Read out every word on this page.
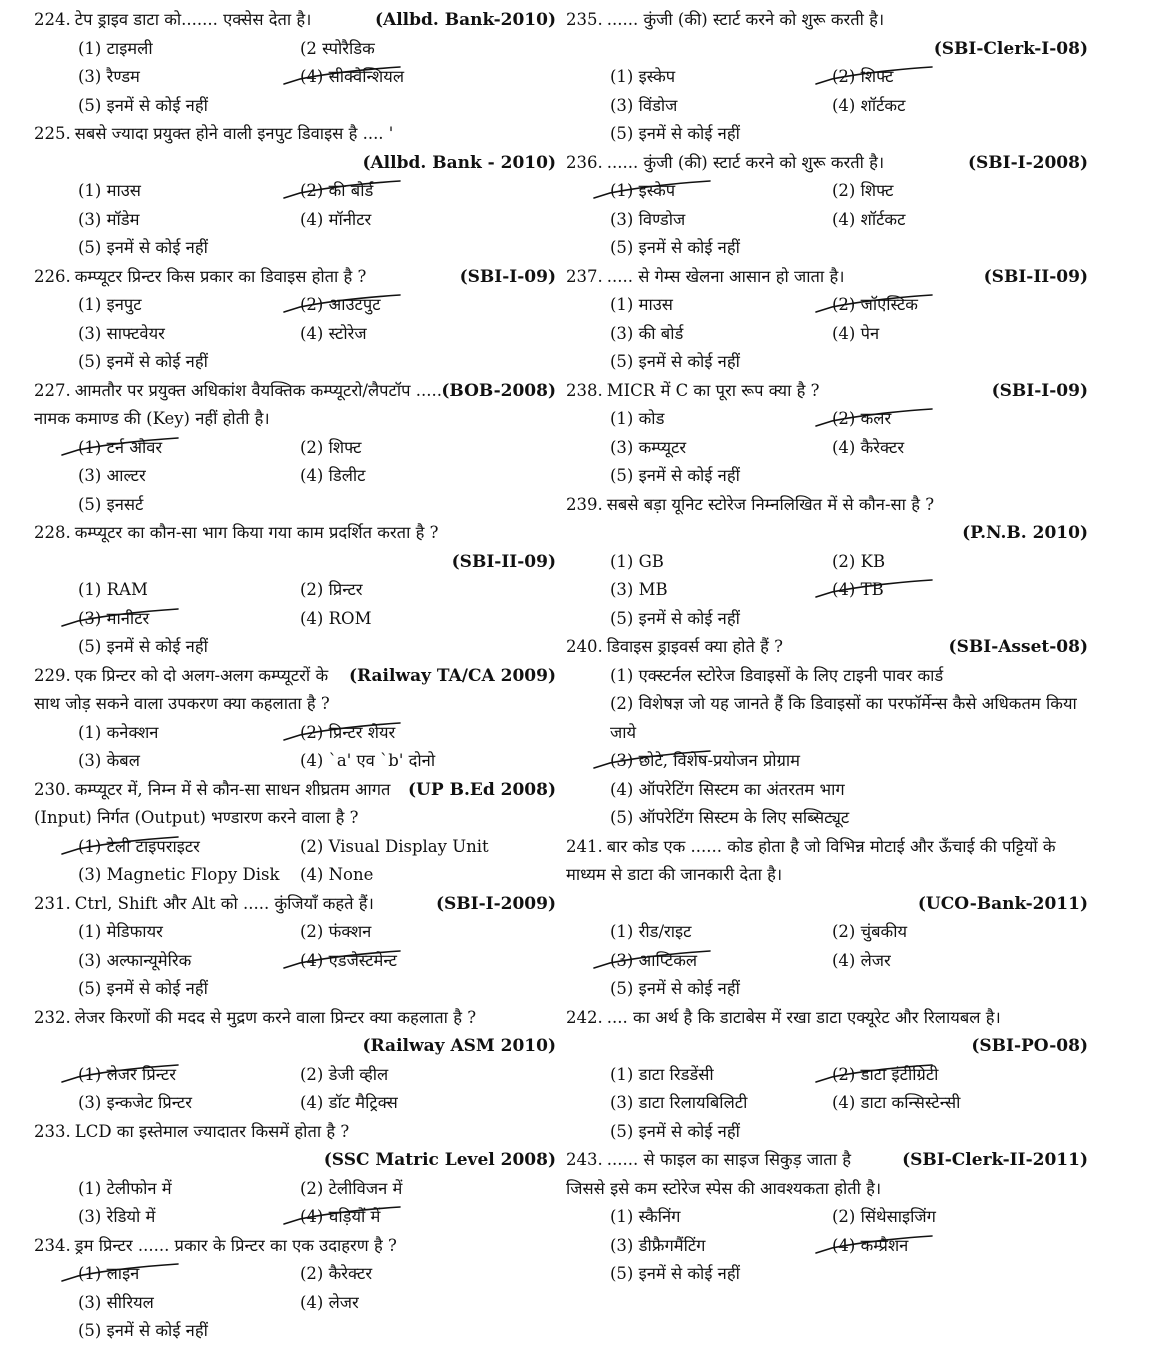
224. टेप ड्राइव डाटा को....... एक्सेस देता है।	(Allbd. Bank-2010)
(1) टाइमली	(2 स्पोरैडिक
(3) रैण्डम	(4) सीक्वेन्शियल
(5) इनमें से कोई नहीं
225. सबसे ज्यादा प्रयुक्त होने वाली इनपुट डिवाइस है .... '
(Allbd. Bank - 2010)
(1) माउस	(2) की बोर्ड
(3) मॉडेम	(4) मॉनीटर
(5) इनमें से कोई नहीं
226. कम्प्यूटर प्रिन्टर किस प्रकार का डिवाइस होता है ?	(SBI-I-09)
(1) इनपुट	(2) आउटपुट
(3) साफ्टवेयर	(4) स्टोरेज
(5) इनमें से कोई नहीं
227. आमतौर पर प्रयुक्त अधिकांश वैयक्तिक कम्प्यूटरो/लैपटॉप ..... नामक कमाण्ड की (Key) नहीं होती है।
(BOB-2008)
(1) टर्न ओवर	(2) शिफ्ट
(3) आल्टर	(4) डिलीट
(5) इनसर्ट
228. कम्प्यूटर का कौन-सा भाग किया गया काम प्रदर्शित करता है ?
(SBI-II-09)
(1) RAM	(2) प्रिन्टर
(3) मानीटर	(4) ROM
(5) इनमें से कोई नहीं
229. एक प्रिन्टर को दो अलग-अलग कम्प्यूटरों के साथ जोड़ सकने वाला उपकरण क्या कहलाता है ?
(Railway TA/CA 2009)
(1) कनेक्शन	(2) प्रिन्टर शेयर
(3) केबल	(4) `a' एव `b' दोनो
230. कम्प्यूटर में, निम्न में से कौन-सा साधन शीघ्रतम आगत (Input) निर्गत (Output) भण्डारण करने वाला है ?
(UP B.Ed 2008)
(1) टेली टाइपराइटर	(2) Visual Display Unit
(3) Magnetic Flopy Disk	(4) None
231. Ctrl, Shift और Alt को ..... कुंजियाँ कहते हैं।	(SBI-I-2009)
(1) मेडिफायर	(2) फंक्शन
(3) अल्फान्यूमेरिक	(4) एडजेस्टमेन्ट
(5) इनमें से कोई नहीं
232. लेजर किरणों की मदद से मुद्रण करने वाला प्रिन्टर क्या कहलाता है ?
(Railway ASM 2010)
(1) लेजर प्रिन्टर	(2) डेजी व्हील
(3) इन्कजेट प्रिन्टर	(4) डॉट मैट्रिक्स
233. LCD का इस्तेमाल ज्यादातर किसमें होता है ?
(SSC Matric Level 2008)
(1) टेलीफोन में	(2) टेलीविजन में
(3) रेडियो में	(4) घड़ियों में
234. ड्रम प्रिन्टर ...... प्रकार के प्रिन्टर का एक उदाहरण है ?
(1) लाइन	(2) कैरेक्टर
(3) सीरियल	(4) लेजर
(5) इनमें से कोई नहीं
235. ...... कुंजी (की) स्टार्ट करने को शुरू करती है।
(SBI-Clerk-I-08)
(1) इस्केप	(2) शिफ्ट
(3) विंडोज	(4) शॉर्टकट
(5) इनमें से कोई नहीं
236. ...... कुंजी (की) स्टार्ट करने को शुरू करती है।	(SBI-I-2008)
(1) इस्केप	(2) शिफ्ट
(3) विण्डोज	(4) शॉर्टकट
(5) इनमें से कोई नहीं
237. ..... से गेम्स खेलना आसान हो जाता है।	(SBI-II-09)
(1) माउस	(2) जॉएस्टिक
(3) की बोर्ड	(4) पेन
(5) इनमें से कोई नहीं
238. MICR में C का पूरा रूप क्या है ?	(SBI-I-09)
(1) कोड	(2) कलर
(3) कम्प्यूटर	(4) कैरेक्टर
(5) इनमें से कोई नहीं
239. सबसे बड़ा यूनिट स्टोरेज निम्नलिखित में से कौन-सा है ?
(P.N.B. 2010)
(1) GB	(2) KB
(3) MB	(4) TB
(5) इनमें से कोई नहीं
240. डिवाइस ड्राइवर्स क्या होते हैं ?	(SBI-Asset-08)
(1) एक्स्टर्नल स्टोरेज डिवाइसों के लिए टाइनी पावर कार्ड
(2) विशेषज्ञ जो यह जानते हैं कि डिवाइसों का परफॉर्मेन्स कैसे अधिकतम किया जाये
(3) छोटे, विशेष-प्रयोजन प्रोग्राम
(4) ऑपरेटिंग सिस्टम का अंतरतम भाग
(5) ऑपरेटिंग सिस्टम के लिए सब्सिट्यूट
241. बार कोड एक ...... कोड होता है जो विभिन्न मोटाई और ऊँचाई की पट्टियों के माध्यम से डाटा की जानकारी देता है।
(UCO-Bank-2011)
(1) रीड/राइट	(2) चुंबकीय
(3) आप्टिकल	(4) लेजर
(5) इनमें से कोई नहीं
242. .... का अर्थ है कि डाटाबेस में रखा डाटा एक्यूरेट और रिलायबल है।
(SBI-PO-08)
(1) डाटा रिडडेंसी	(2) डाटा इंटीग्रिटी
(3) डाटा रिलायबिलिटी	(4) डाटा कन्सिस्टेन्सी
(5) इनमें से कोई नहीं
243. ...... से फाइल का साइज सिकुड़ जाता है जिससे इसे कम स्टोरेज स्पेस की आवश्यकता होती है।
(SBI-Clerk-II-2011)
(1) स्कैनिंग	(2) सिंथेसाइजिंग
(3) डीफ्रैगमैंटिंग	(4) कम्प्रैशन
(5) इनमें से कोई नहीं
